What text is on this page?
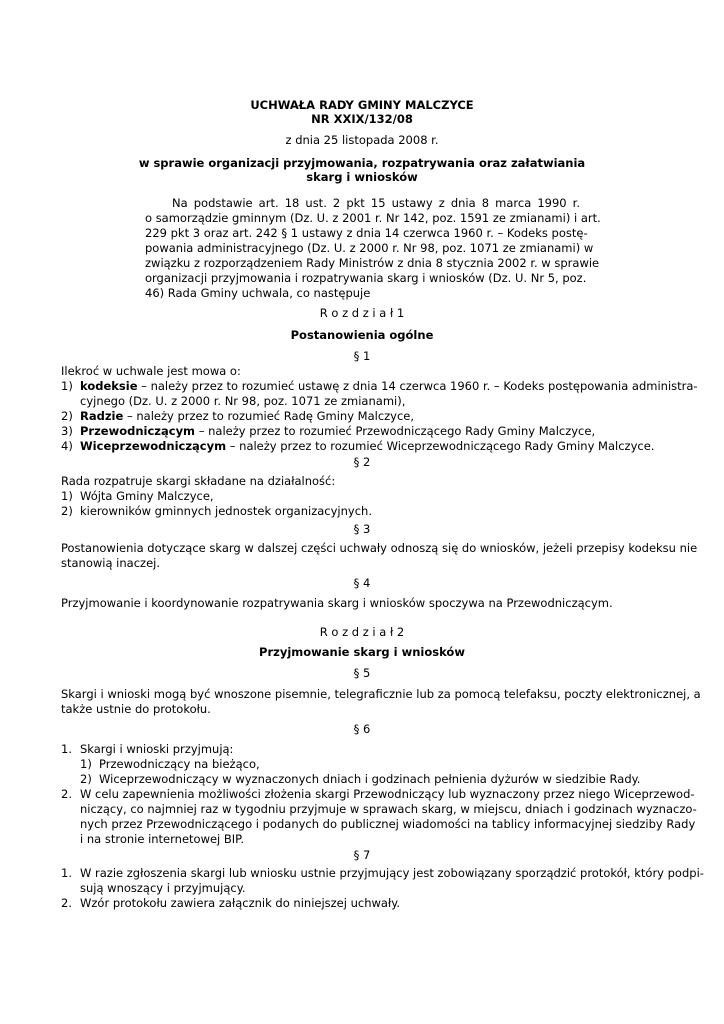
UCHWAŁA RADY GMINY MALCZYCE
NR XXIX/132/08
z dnia 25 listopada 2008 r.
w sprawie organizacji przyjmowania, rozpatrywania oraz załatwiania
skarg i wniosków
Na podstawie art. 18 ust. 2 pkt 15 ustawy z dnia 8 marca 1990 r.
o samorządzie gminnym (Dz. U. z 2001 r. Nr 142, poz. 1591 ze zmianami) i art.
229 pkt 3 oraz art. 242 § 1 ustawy z dnia 14 czerwca 1960 r. – Kodeks postę-
powania administracyjnego (Dz. U. z 2000 r. Nr 98, poz. 1071 ze zmianami) w
związku z rozporządzeniem Rady Ministrów z dnia 8 stycznia 2002 r. w sprawie
organizacji przyjmowania i rozpatrywania skarg i wniosków (Dz. U. Nr 5, poz.
46) Rada Gminy uchwala, co następuje
R o z d z i a ł 1
Postanowienia ogólne
§ 1
Ilekroć w uchwale jest mowa o:
1) kodeksie – należy przez to rozumieć ustawę z dnia 14 czerwca 1960 r. – Kodeks postępowania administra-
cyjnego (Dz. U. z 2000 r. Nr 98, poz. 1071 ze zmianami),
2) Radzie – należy przez to rozumieć Radę Gminy Malczyce,
3) Przewodniczącym – należy przez to rozumieć Przewodniczącego Rady Gminy Malczyce,
4) Wiceprzewodniczącym – należy przez to rozumieć Wiceprzewodniczącego Rady Gminy Malczyce.
§ 2
Rada rozpatruje skargi składane na działalność:
1) Wójta Gminy Malczyce,
2) kierowników gminnych jednostek organizacyjnych.
§ 3
Postanowienia dotyczące skarg w dalszej części uchwały odnoszą się do wniosków, jeżeli przepisy kodeksu nie
stanowią inaczej.
§ 4
Przyjmowanie i koordynowanie rozpatrywania skarg i wniosków spoczywa na Przewodniczącym.
R o z d z i a ł 2
Przyjmowanie skarg i wniosków
§ 5
Skargi i wnioski mogą być wnoszone pisemnie, telegraficznie lub za pomocą telefaksu, poczty elektronicznej, a
także ustnie do protokołu.
§ 6
1. Skargi i wnioski przyjmują:
1) Przewodniczący na bieżąco,
2) Wiceprzewodniczący w wyznaczonych dniach i godzinach pełnienia dyżurów w siedzibie Rady.
2. W celu zapewnienia możliwości złożenia skargi Przewodniczący lub wyznaczony przez niego Wiceprzewod-
niczący, co najmniej raz w tygodniu przyjmuje w sprawach skarg, w miejscu, dniach i godzinach wyznaczo-
nych przez Przewodniczącego i podanych do publicznej wiadomości na tablicy informacyjnej siedziby Rady
i na stronie internetowej BIP.
§ 7
1. W razie zgłoszenia skargi lub wniosku ustnie przyjmujący jest zobowiązany sporządzić protokół, który podpi-
sują wnoszący i przyjmujący.
2. Wzór protokołu zawiera załącznik do niniejszej uchwały.
